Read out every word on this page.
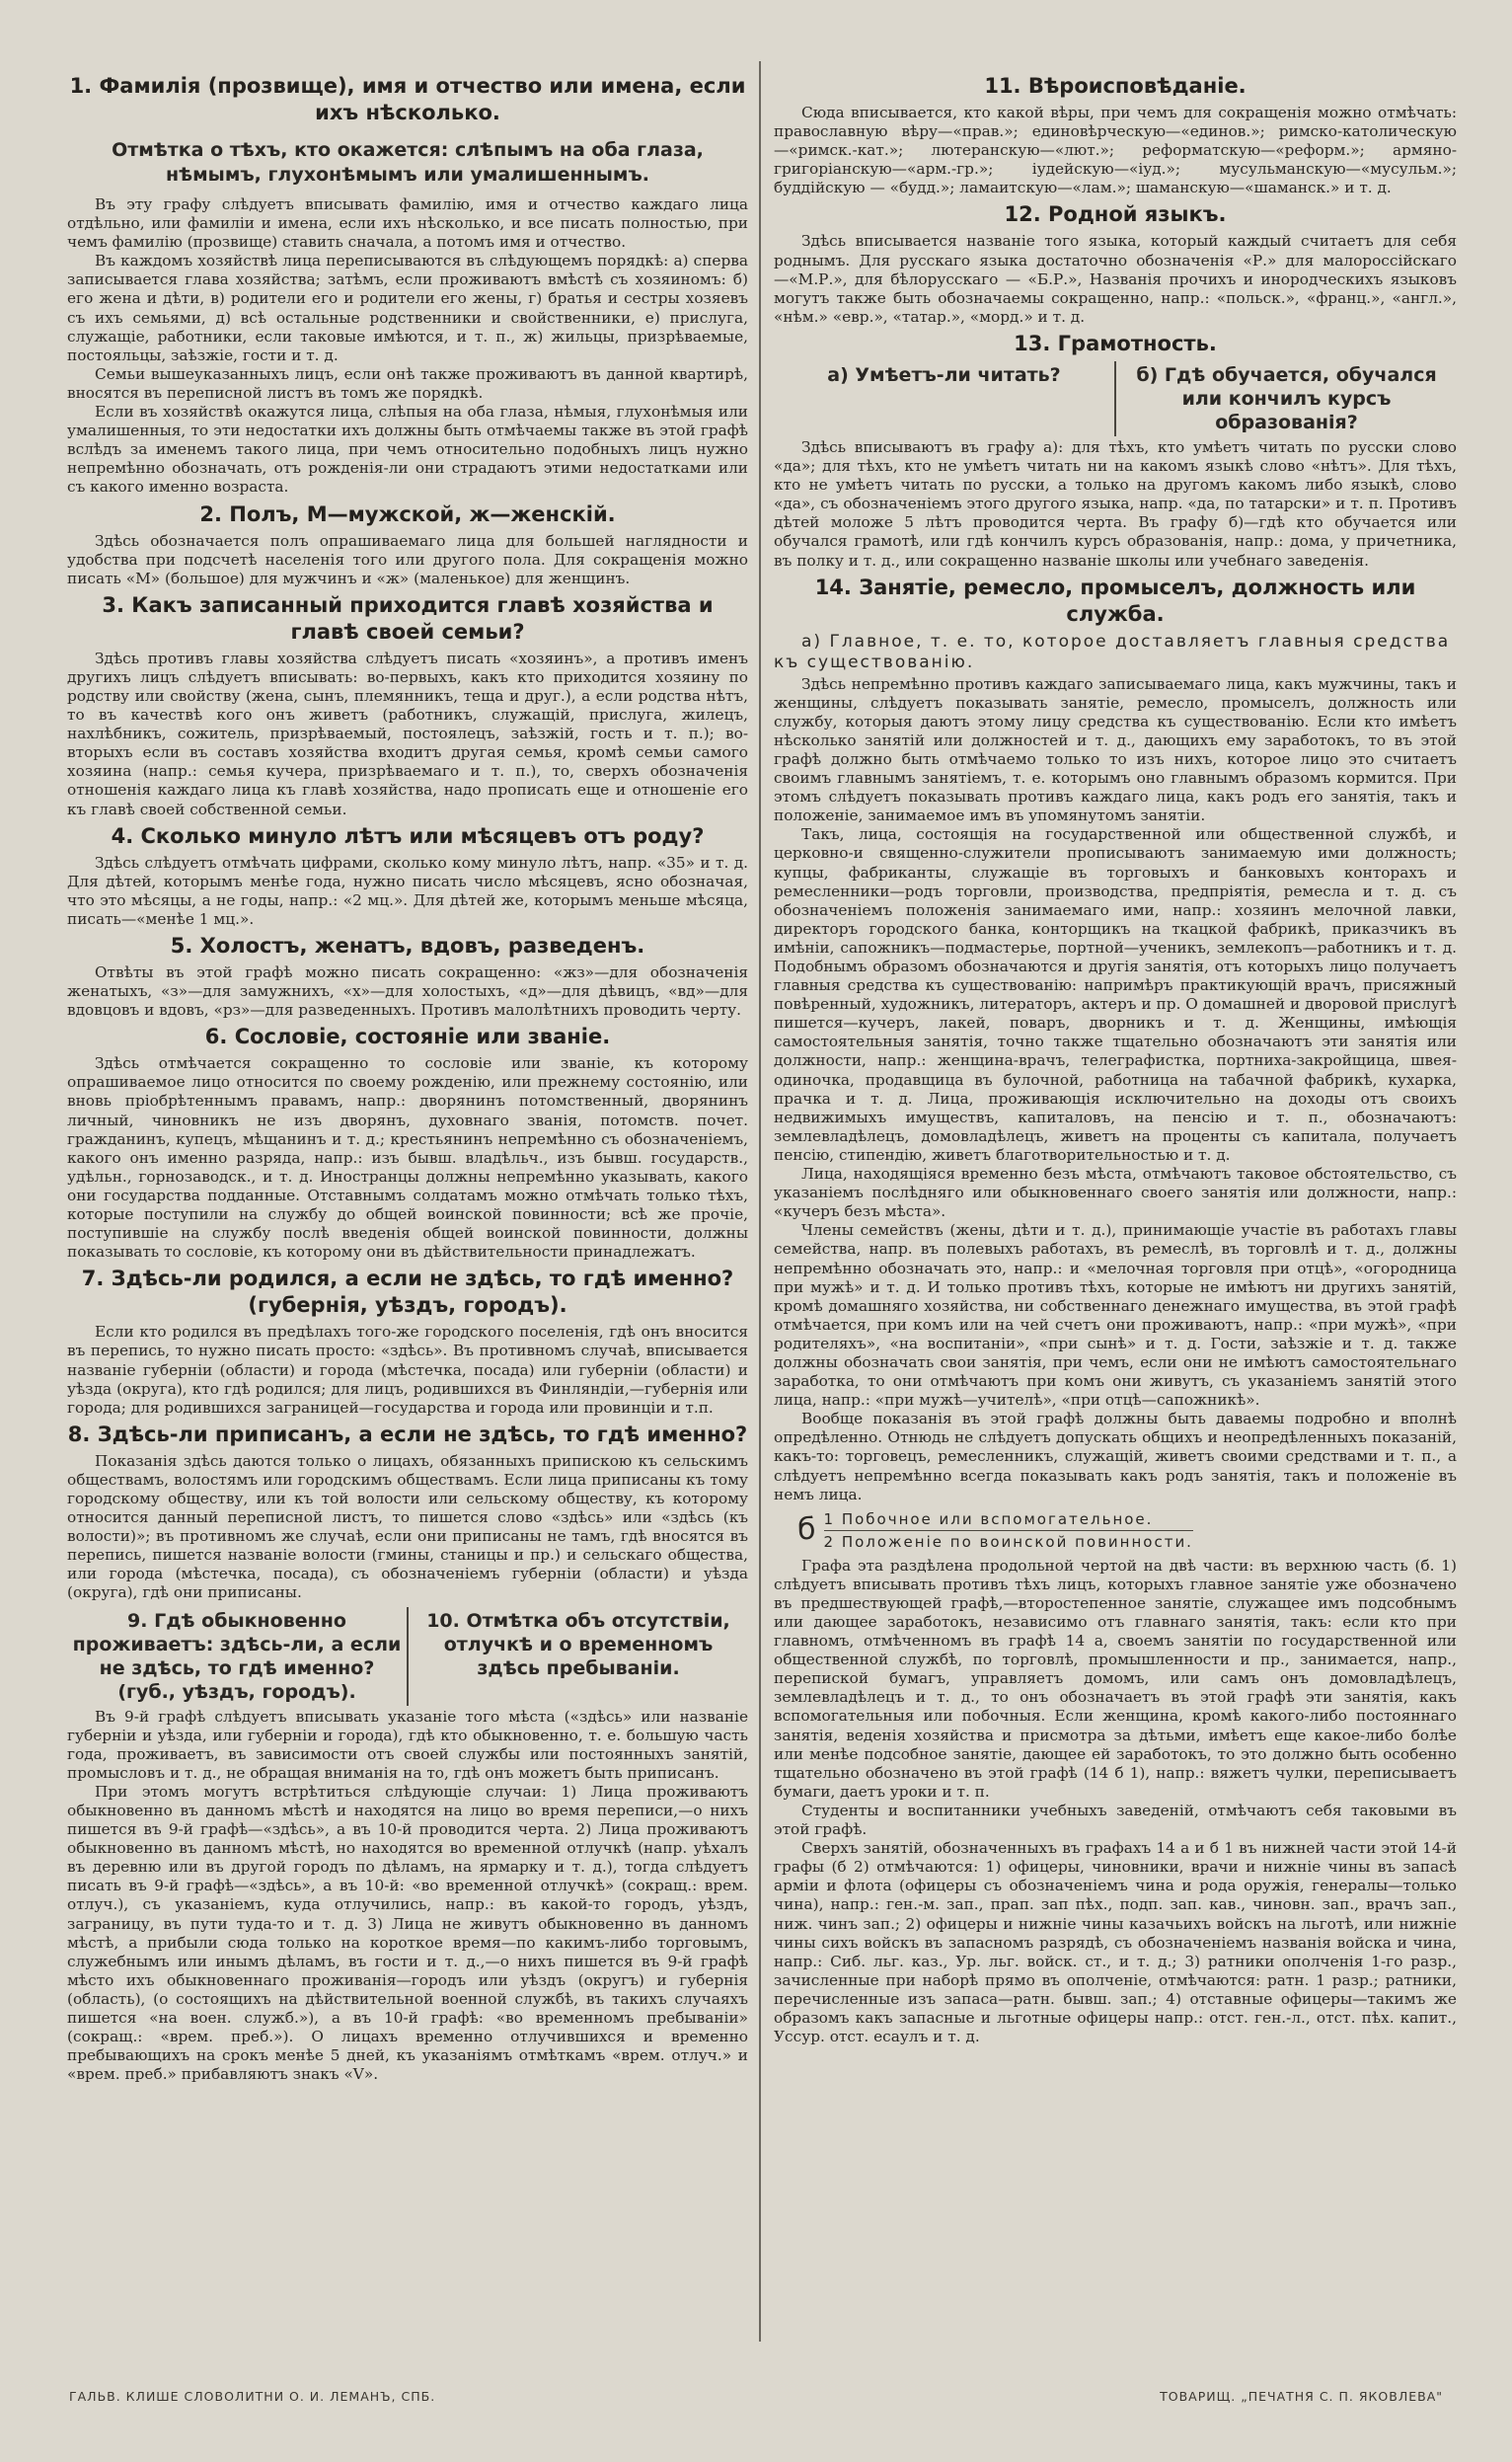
1. Фамилія (прозвище), имя и отчество или имена, если ихъ нѣсколько.
Отмѣтка о тѣхъ, кто окажется: слѣпымъ на оба глаза, нѣмымъ, глухонѣмымъ или умалишеннымъ.

Въ эту графу слѣдуетъ вписывать фамилію, имя и отчество каждаго лица отдѣльно, или фамиліи и имена, если ихъ нѣсколько, и все писать полностью, при чемъ фамилію (прозвище) ставить сначала, а потомъ имя и отчество.

Въ каждомъ хозяйствѣ лица переписываются въ слѣдующемъ порядкѣ: а) сперва записывается глава хозяйства; затѣмъ, если проживаютъ вмѣстѣ съ хозяиномъ: б) его жена и дѣти, в) родители его и родители его жены, г) братья и сестры хозяевъ съ ихъ семьями, д) всѣ остальные родственники и свойственники, е) прислуга, служащіе, работники, если таковые имѣются, и т. п., ж) жильцы, призрѣваемые, постояльцы, заѣзжіе, гости и т. д.

Семьи вышеуказанныхъ лицъ, если онѣ также проживаютъ въ данной квартирѣ, вносятся въ переписной листъ въ томъ же порядкѣ.

Если въ хозяйствѣ окажутся лица, слѣпыя на оба глаза, нѣмыя, глухонѣмыя или умалишенныя, то эти недостатки ихъ должны быть отмѣчаемы также въ этой графѣ вслѣдъ за именемъ такого лица, при чемъ относительно подобныхъ лицъ нужно непремѣнно обозначать, отъ рожденія-ли они страдаютъ этими недостатками или съ какого именно возраста.

2. Полъ, М—мужской, ж—женскій.

Здѣсь обозначается полъ опрашиваемаго лица для большей наглядности и удобства при подсчетѣ населенія того или другого пола. Для сокращенія можно писать «М» (большое) для мужчинъ и «ж» (маленькое) для женщинъ.

3. Какъ записанный приходится главѣ хозяйства и главѣ своей семьи?

Здѣсь противъ главы хозяйства слѣдуетъ писать «хозяинъ», а противъ именъ другихъ лицъ слѣдуетъ вписывать: во-первыхъ, какъ кто приходится хозяину по родству или свойству (жена, сынъ, племянникъ, теща и друг.), а если родства нѣтъ, то въ качествѣ кого онъ живетъ (работникъ, служащій, прислуга, жилецъ, нахлѣбникъ, сожитель, призрѣваемый, постоялецъ, заѣзжій, гость и т. п.); во-вторыхъ если въ составъ хозяйства входитъ другая семья, кромѣ семьи самого хозяина (напр.: семья кучера, призрѣваемаго и т. п.), то, сверхъ обозначенія отношенія каждаго лица къ главѣ хозяйства, надо прописать еще и отношеніе его къ главѣ своей собственной семьи.

4. Сколько минуло лѣтъ или мѣсяцевъ отъ роду?

Здѣсь слѣдуетъ отмѣчать цифрами, сколько кому минуло лѣтъ, напр. «35» и т. д. Для дѣтей, которымъ менѣе года, нужно писать число мѣсяцевъ, ясно обозначая, что это мѣсяцы, а не годы, напр.: «2 мц.». Для дѣтей же, которымъ меньше мѣсяца, писать—«менѣе 1 мц.».

5. Холостъ, женатъ, вдовъ, разведенъ.

Отвѣты въ этой графѣ можно писать сокращенно: «жз»—для обозначенія женатыхъ, «з»—для замужнихъ, «х»—для холостыхъ, «д»—для дѣвицъ, «вд»—для вдовцовъ и вдовъ, «рз»—для разведенныхъ. Противъ малолѣтнихъ проводить черту.

6. Сословіе, состояніе или званіе.

Здѣсь отмѣчается сокращенно то сословіе или званіе, къ которому опрашиваемое лицо относится по своему рожденію, или прежнему состоянію, или вновь пріобрѣтеннымъ правамъ, напр.: дворянинъ потомственный, дворянинъ личный, чиновникъ не изъ дворянъ, духовнаго званія, потомств. почет. гражданинъ, купецъ, мѣщанинъ и т. д.; крестьянинъ непремѣнно съ обозначеніемъ, какого онъ именно разряда, напр.: изъ бывш. владѣльч., изъ бывш. государств., удѣльн., горнозаводск., и т. д. Иностранцы должны непремѣнно указывать, какого они государства подданные. Отставнымъ солдатамъ можно отмѣчать только тѣхъ, которые поступили на службу до общей воинской повинности; всѣ же прочіе, поступившіе на службу послѣ введенія общей воинской повинности, должны показывать то сословіе, къ которому они въ дѣйствительности принадлежатъ.

7. Здѣсь-ли родился, а если не здѣсь, то гдѣ именно? (губернія, уѣздъ, городъ).

Если кто родился въ предѣлахъ того-же городского поселенія, гдѣ онъ вносится въ перепись, то нужно писать просто: «здѣсь». Въ противномъ случаѣ, вписывается названіе губерніи (области) и города (мѣстечка, посада) или губерніи (области) и уѣзда (округа), кто гдѣ родился; для лицъ, родившихся въ Финляндіи,—губернія или города; для родившихся заграницей—государства и города или провинціи и т.п.

8. Здѣсь-ли приписанъ, а если не здѣсь, то гдѣ именно?

Показанія здѣсь даются только о лицахъ, обязанныхъ припискою къ сельскимъ обществамъ, волостямъ или городскимъ обществамъ. Если лица приписаны къ тому городскому обществу, или къ той волости или сельскому обществу, къ которому относится данный переписной листъ, то пишется слово «здѣсь» или «здѣсь (къ волости)»; въ противномъ же случаѣ, если они приписаны не тамъ, гдѣ вносятся въ перепись, пишется названіе волости (гмины, станицы и пр.) и сельскаго общества, или города (мѣстечка, посада), съ обозначеніемъ губерніи (области) и уѣзда (округа), гдѣ они приписаны.

9. Гдѣ обыкновенно проживаетъ: здѣсь-ли, а если не здѣсь, то гдѣ именно? (губ., уѣздъ, городъ).
10. Отмѣтка объ отсутствіи, отлучкѣ и о временномъ здѣсь пребываніи.

Въ 9-й графѣ слѣдуетъ вписывать указаніе того мѣста («здѣсь» или названіе губерніи и уѣзда, или губерніи и города), гдѣ кто обыкновенно, т. е. большую часть года, проживаетъ, въ зависимости отъ своей службы или постоянныхъ занятій, промысловъ и т. д., не обращая вниманія на то, гдѣ онъ можетъ быть приписанъ.

При этомъ могутъ встрѣтиться слѣдующіе случаи: 1) Лица проживаютъ обыкновенно въ данномъ мѣстѣ и находятся на лицо во время переписи,—о нихъ пишется въ 9-й графѣ—«здѣсь», а въ 10-й проводится черта. 2) Лица проживаютъ обыкновенно въ данномъ мѣстѣ, но находятся во временной отлучкѣ (напр. уѣхалъ въ деревню или въ другой городъ по дѣламъ, на ярмарку и т. д.), тогда слѣдуетъ писать въ 9-й графѣ—«здѣсь», а въ 10-й: «во временной отлучкѣ» (сокращ.: врем. отлуч.), съ указаніемъ, куда отлучились, напр.: въ какой-то городъ, уѣздъ, заграницу, въ пути туда-то и т. д. 3) Лица не живутъ обыкновенно въ данномъ мѣстѣ, а прибыли сюда только на короткое время—по какимъ-либо торговымъ, служебнымъ или инымъ дѣламъ, въ гости и т. д.,—о нихъ пишется въ 9-й графѣ мѣсто ихъ обыкновеннаго проживанія—городъ или уѣздъ (округъ) и губернія (область), (о состоящихъ на дѣйствительной военной службѣ, въ такихъ случаяхъ пишется «на воен. служб.»), а въ 10-й графѣ: «во временномъ пребываніи» (сокращ.: «врем. преб.»). О лицахъ временно отлучившихся и временно пребывающихъ на срокъ менѣе 5 дней, къ указаніямъ отмѣткамъ «врем. отлуч.» и «врем. преб.» прибавляютъ знакъ «V».

11. Вѣроисповѣданіе.

Сюда вписывается, кто какой вѣры, при чемъ для сокращенія можно отмѣчать: православную вѣру—«прав.»; единовѣрческую—«единов.»; римско-католическую—«римск.-кат.»; лютеранскую—«лют.»; реформатскую—«реформ.»; армяно-григоріанскую—«арм.-гр.»; іудейскую—«іуд.»; мусульманскую—«мусульм.»; буддійскую — «будд.»; ламаитскую—«лам.»; шаманскую—«шаманск.» и т. д.

12. Родной языкъ.

Здѣсь вписывается названіе того языка, который каждый считаетъ для себя роднымъ. Для русскаго языка достаточно обозначенія «Р.» для малороссійскаго—«М.Р.», для бѣлорусскаго — «Б.Р.», Названія прочихъ и инородческихъ языковъ могутъ также быть обозначаемы сокращенно, напр.: «польск.», «франц.», «англ.», «нѣм.» «евр.», «татар.», «морд.» и т. д.

13. Грамотность.
а) Умѣетъ-ли читать?	б) Гдѣ обучается, обучался или кончилъ курсъ образованія?

Здѣсь вписываютъ въ графу а): для тѣхъ, кто умѣетъ читать по русски слово «да»; для тѣхъ, кто не умѣетъ читать ни на какомъ языкѣ слово «нѣтъ». Для тѣхъ, кто не умѣетъ читать по русски, а только на другомъ какомъ либо языкѣ, слово «да», съ обозначеніемъ этого другого языка, напр. «да, по татарски» и т. п. Противъ дѣтей моложе 5 лѣтъ проводится черта. Въ графу б)—гдѣ кто обучается или обучался грамотѣ, или гдѣ кончилъ курсъ образованія, напр.: дома, у причетника, въ полку и т. д., или сокращенно названіе школы или учебнаго заведенія.

14. Занятіе, ремесло, промыселъ, должность или служба.
а) Главное, т. е. то, которое доставляетъ главныя средства къ существованію.

Здѣсь непремѣнно противъ каждаго записываемаго лица, какъ мужчины, такъ и женщины, слѣдуетъ показывать занятіе, ремесло, промыселъ, должность или службу, которыя даютъ этому лицу средства къ существованію. Если кто имѣетъ нѣсколько занятій или должностей и т. д., дающихъ ему заработокъ, то въ этой графѣ должно быть отмѣчаемо только то изъ нихъ, которое лицо это считаетъ своимъ главнымъ занятіемъ, т. е. которымъ оно главнымъ образомъ кормится. При этомъ слѣдуетъ показывать противъ каждаго лица, какъ родъ его занятія, такъ и положеніе, занимаемое имъ въ упомянутомъ занятіи.

Такъ, лица, состоящія на государственной или общественной службѣ, и церковно-и священно-служители прописываютъ занимаемую ими должность; купцы, фабриканты, служащіе въ торговыхъ и банковыхъ конторахъ и ремесленники—родъ торговли, производства, предпріятія, ремесла и т. д. съ обозначеніемъ положенія занимаемаго ими, напр.: хозяинъ мелочной лавки, директоръ городского банка, конторщикъ на ткацкой фабрикѣ, приказчикъ въ имѣніи, сапожникъ—подмастерье, портной—ученикъ, землекопъ—работникъ и т. д. Подобнымъ образомъ обозначаются и другія занятія, отъ которыхъ лицо получаетъ главныя средства къ существованію: напримѣръ практикующій врачъ, присяжный повѣренный, художникъ, литераторъ, актеръ и пр. О домашней и дворовой прислугѣ пишется—кучеръ, лакей, поваръ, дворникъ и т. д. Женщины, имѣющія самостоятельныя занятія, точно также тщательно обозначаютъ эти занятія или должности, напр.: женщина-врачъ, телеграфистка, портниха-закройщица, швея-одиночка, продавщица въ булочной, работница на табачной фабрикѣ, кухарка, прачка и т. д. Лица, проживающія исключительно на доходы отъ своихъ недвижимыхъ имуществъ, капиталовъ, на пенсію и т. п., обозначаютъ: землевладѣлецъ, домовладѣлецъ, живетъ на проценты съ капитала, получаетъ пенсію, стипендію, живетъ благотворительностью и т. д.

Лица, находящіяся временно безъ мѣста, отмѣчаютъ таковое обстоятельство, съ указаніемъ послѣдняго или обыкновеннаго своего занятія или должности, напр.: «кучеръ безъ мѣста».

Члены семействъ (жены, дѣти и т. д.), принимающіе участіе въ работахъ главы семейства, напр. въ полевыхъ работахъ, въ ремеслѣ, въ торговлѣ и т. д., должны непремѣнно обозначать это, напр.: и «мелочная торговля при отцѣ», «огородница при мужѣ» и т. д. И только противъ тѣхъ, которые не имѣютъ ни другихъ занятій, кромѣ домашняго хозяйства, ни собственнаго денежнаго имущества, въ этой графѣ отмѣчается, при комъ или на чей счетъ они проживаютъ, напр.: «при мужѣ», «при родителяхъ», «на воспитаніи», «при сынѣ» и т. д. Гости, заѣзжіе и т. д. также должны обозначать свои занятія, при чемъ, если они не имѣютъ самостоятельнаго заработка, то они отмѣчаютъ при комъ они живутъ, съ указаніемъ занятій этого лица, напр.: «при мужѣ—учителѣ», «при отцѣ—сапожникѣ».

Вообще показанія въ этой графѣ должны быть даваемы подробно и вполнѣ опредѣленно. Отнюдь не слѣдуетъ допускать общихъ и неопредѣленныхъ показаній, какъ-то: торговецъ, ремесленникъ, служащій, живетъ своими средствами и т. п., а слѣдуетъ непремѣнно всегда показывать какъ родъ занятія, такъ и положеніе въ немъ лица.

б 1 Побочное или вспомогательное.
2 Положеніе по воинской повинности.

Графа эта раздѣлена продольной чертой на двѣ части: въ верхнюю часть (б. 1) слѣдуетъ вписывать противъ тѣхъ лицъ, которыхъ главное занятіе уже обозначено въ предшествующей графѣ,—второстепенное занятіе, служащее имъ подсобнымъ или дающее заработокъ, независимо отъ главнаго занятія, такъ: если кто при главномъ, отмѣченномъ въ графѣ 14 а, своемъ занятіи по государственной или общественной службѣ, по торговлѣ, промышленности и пр., занимается, напр., перепиской бумагъ, управляетъ домомъ, или самъ онъ домовладѣлецъ, землевладѣлецъ и т. д., то онъ обозначаетъ въ этой графѣ эти занятія, какъ вспомогательныя или побочныя. Если женщина, кромѣ какого-либо постояннаго занятія, веденія хозяйства и присмотра за дѣтьми, имѣетъ еще какое-либо болѣе или менѣе подсобное занятіе, дающее ей заработокъ, то это должно быть особенно тщательно обозначено въ этой графѣ (14 б 1), напр.: вяжетъ чулки, переписываетъ бумаги, даетъ уроки и т. п.

Студенты и воспитанники учебныхъ заведеній, отмѣчаютъ себя таковыми въ этой графѣ.

Сверхъ занятій, обозначенныхъ въ графахъ 14 а и б 1 въ нижней части этой 14-й графы (б 2) отмѣчаются: 1) офицеры, чиновники, врачи и нижніе чины въ запасѣ арміи и флота (офицеры съ обозначеніемъ чина и рода оружія, генералы—только чина), напр.: ген.-м. зап., прап. зап пѣх., подп. зап. кав., чиновн. зап., врачъ зап., ниж. чинъ зап.; 2) офицеры и нижніе чины казачьихъ войскъ на льготѣ, или нижніе чины сихъ войскъ въ запасномъ разрядѣ, съ обозначеніемъ названія войска и чина, напр.: Сиб. льг. каз., Ур. льг. войск. ст., и т. д.; 3) ратники ополченія 1-го разр., зачисленные при наборѣ прямо въ ополченіе, отмѣчаются: ратн. 1 разр.; ратники, перечисленные изъ запаса—ратн. бывш. зап.; 4) отставные офицеры—такимъ же образомъ какъ запасные и льготные офицеры напр.: отст. ген.-л., отст. пѣх. капит., Уссур. отст. есаулъ и т. д.

ГАЛЬВ. КЛИШЕ СЛОВОЛИТНИ О. И. ЛЕМАНЪ, СПБ.	ТОВАРИЩ. „ПЕЧАТНЯ С. П. ЯКОВЛЕВА"
